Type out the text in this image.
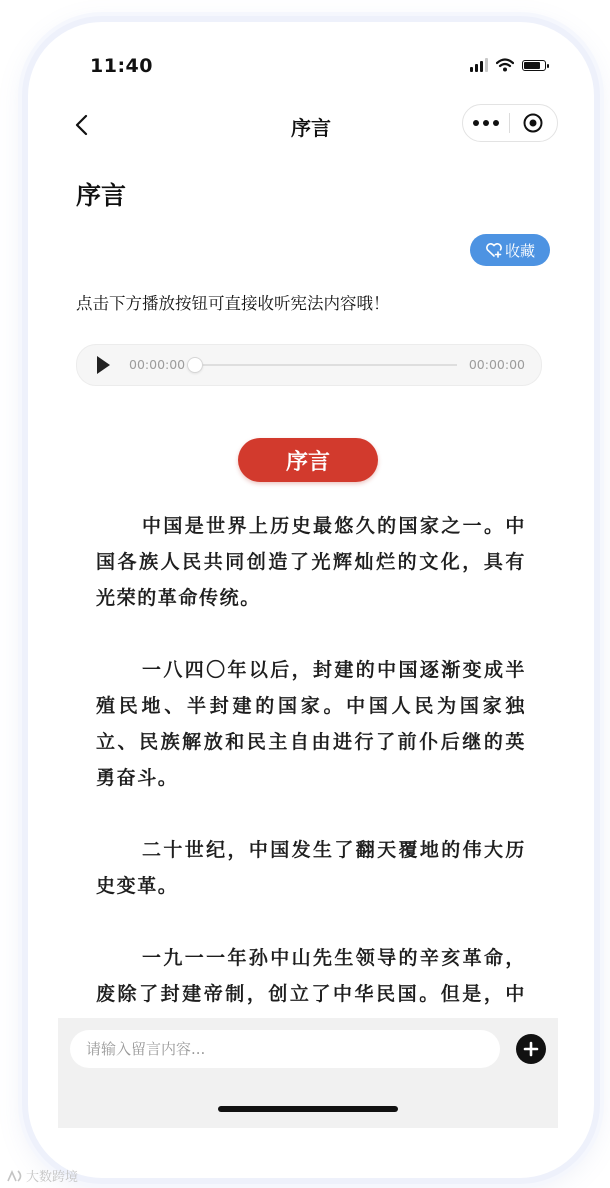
11:40
序言
序言
收藏
点击下方播放按钮可直接收听宪法内容哦！
00:00:00	00:00:00
序言

中国是世界上历史最悠久的国家之一。中国各族人民共同创造了光辉灿烂的文化，具有光荣的革命传统。

一八四〇年以后，封建的中国逐渐变成半殖民地、半封建的国家。中国人民为国家独立、民族解放和民主自由进行了前仆后继的英勇奋斗。

二十世纪，中国发生了翻天覆地的伟大历史变革。

一九一一年孙中山先生领导的辛亥革命，废除了封建帝制，创立了中华民国。但是，中

请输入留言内容...
大数跨境
